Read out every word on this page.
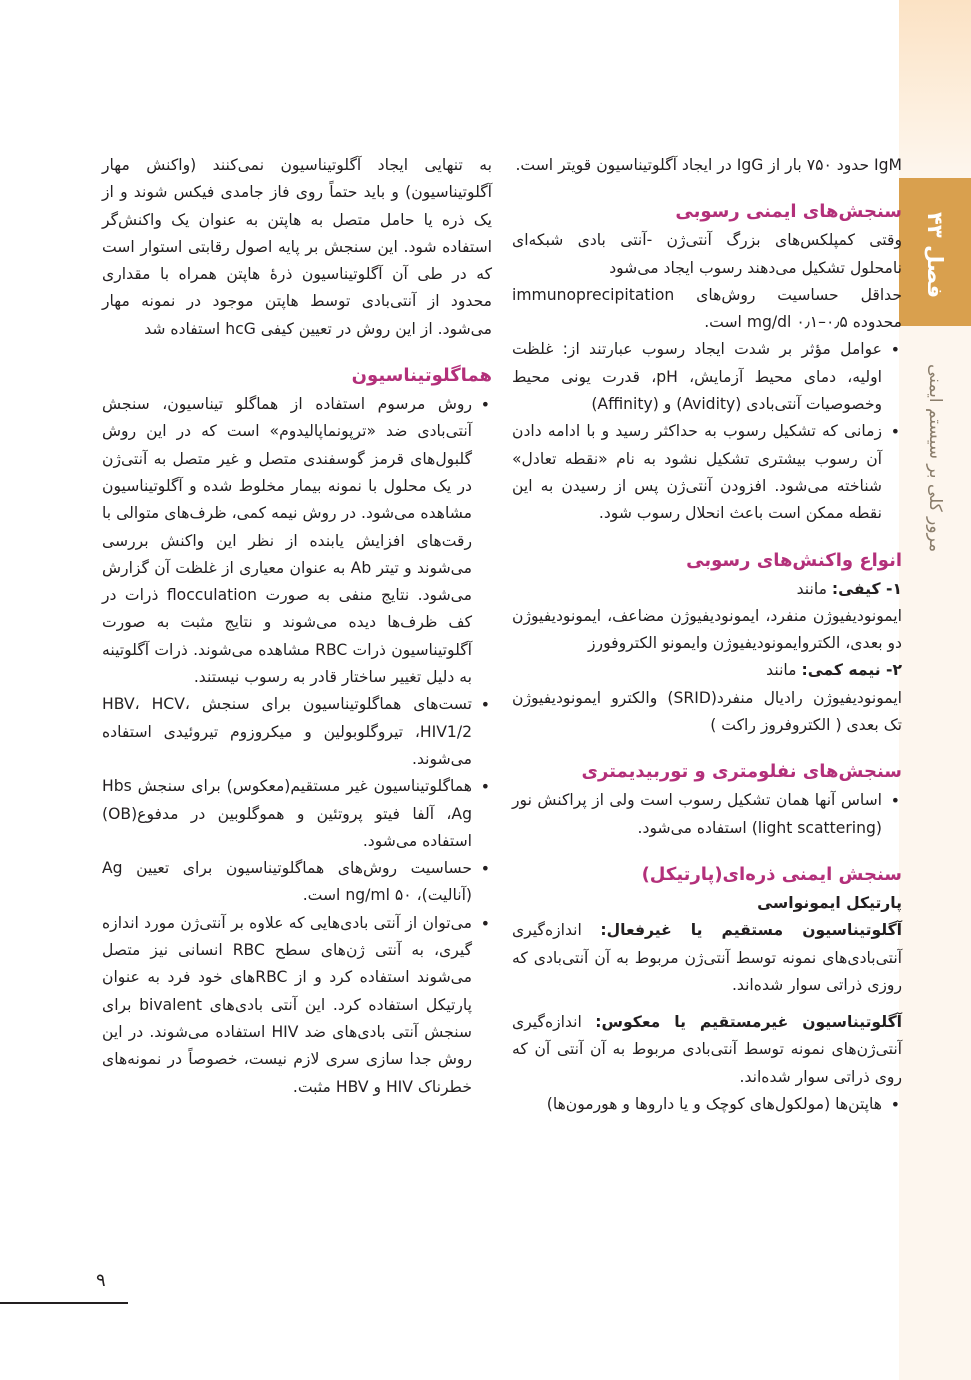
فصل ۴۳
مرور کلی بر سیستم ایمنی

IgM حدود ۷۵۰ بار از IgG در ایجاد آگلوتیناسیون قویتر است.

سنجش‌های ایمنی رسوبی

وقتی کمپلکس‌های بزرگ آنتی‌ژن -آنتی بادی شبکه‌ای نامحلول تشکیل می‌دهند رسوب ایجاد می‌شود

حداقل حساسیت روش‌های immunoprecipitation محدوده mg/dl ۰٫۱–۰٫۵ است.

• عوامل مؤثر بر شدت ایجاد رسوب عبارتند از: غلظت اولیه، دمای محیط آزمایش، pH، قدرت یونی محیط وخصوصیات آنتی‌بادی (Avidity) و (Affinity)
• زمانی که تشکیل رسوب به حداکثر رسید و با ادامه دادن آن رسوب بیشتری تشکیل نشود به نام «نقطه تعادل» شناخته می‌شود. افزودن آنتی‌ژن پس از رسیدن به این نقطه ممکن است باعث انحلال رسوب شود.
انواع واکنش‌های رسوبی

۱- کیفی: مانند

ایمونودیفیوژن منفرد، ایمونودیفیوژن مضاعف، ایمونودیفیوژن دو بعدی، الکتروایمونودیفیوژن وایمونو الکتروفورز

۲- نیمه کمی: مانند

ایمونودیفیوژن رادیال منفرد(SRID) والکترو ایمونودیفیوژن تک بعدی ( الکتروفروز راکت )

سنجش‌های نفلومتری و توربیدیمتری
• اساس آنها همان تشکیل رسوب است ولی از پراکنش نور (light scattering) استفاده می‌شود.
سنجش ایمنی ذره‌ای(پارتیکل)

پارتیکل ایمونواسی

آگلوتیناسیون مستقیم یا غیرفعال: اندازه‌گیری آنتی‌بادی‌های نمونه توسط آنتی‌ژن مربوط به آن آنتی‌بادی که روزی ذراتی سوار شده‌اند.

آگلوتیناسیون غیرمستقیم یا معکوس: اندازه‌گیری آنتی‌ژن‌های نمونه توسط آنتی‌بادی مربوط به آن آنتی آن که روی ذراتی سوار شده‌اند.

• هاپتن‌ها (مولکول‌های کوچک و یا داروها و هورمون‌ها)

به تنهایی ایجاد آگلوتیناسیون نمی‌کنند (واکنش مهار آگلوتیناسیون) و باید حتماً روی فاز جامدی فیکس شوند و از یک ذره یا حامل متصل به هاپتن به عنوان یک واکنش‌گر استفاده شود. این سنجش بر پایه اصول رقابتی استوار است که در طی آن آگلوتیناسیون ذرهٔ هاپتن همراه با مقداری محدود از آنتی‌بادی توسط هاپتن موجود در نمونه مهار می‌شود. از این روش در تعیین کیفی hcG استفاده شد

هماگلوتیناسیون
• روش مرسوم استفاده از هماگلو تیناسیون، سنجش آنتی‌بادی ضد «ترپونماپالیدوم» است که در این روش گلبول‌های قرمز گوسفندی متصل و غیر متصل به آنتی‌ژن در یک محلول با نمونه بیمار مخلوط شده و آگلوتیناسیون مشاهده می‌شود. در روش نیمه کمی، ظرف‌های متوالی با رقت‌های افزایش یابنده از نظر این واکنش بررسی می‌شوند و تیتر Ab به عنوان معیاری از غلظت آن گزارش می‌شود. نتایج منفی به صورت flocculation ذرات در کف ظرف‌ها دیده می‌شوند و نتایج مثبت به صورت آگلوتیناسیون ذرات RBC مشاهده می‌شوند. ذرات آگلوتینه به دلیل تغییر ساختار قادر به رسوب نیستند.
• تست‌های هماگلوتیناسیون برای سنجش HBV، HCV، HIV1/2، تیروگلوبولین و میکروزوم تیروئیدی استفاده می‌شوند.
• هماگلوتیناسیون غیر مستقیم(معکوس) برای سنجش Hbs Ag، آلفا فیتو پروتئین و هموگلوبین در مدفوع(OB) استفاده می‌شود.
• حساسیت روش‌های هماگلوتیناسیون برای تعیین Ag (آنالیت)، ۵۰ ng/ml است.
• می‌توان از آنتی بادی‌هایی که علاوه بر آنتی‌ژن مورد اندازه گیری، به آنتی ژن‌های سطح RBC انسانی نیز متصل می‌شوند استفاده کرد و از RBCهای خود فرد به عنوان پارتیکل استفاده کرد. این آنتی بادی‌های bivalent برای سنجش آنتی بادی‌های ضد HIV استفاده می‌شوند. در این روش جدا سازی سری لازم نیست، خصوصاً در نمونه‌های خطرناک HIV و HBV مثبت.
۹
